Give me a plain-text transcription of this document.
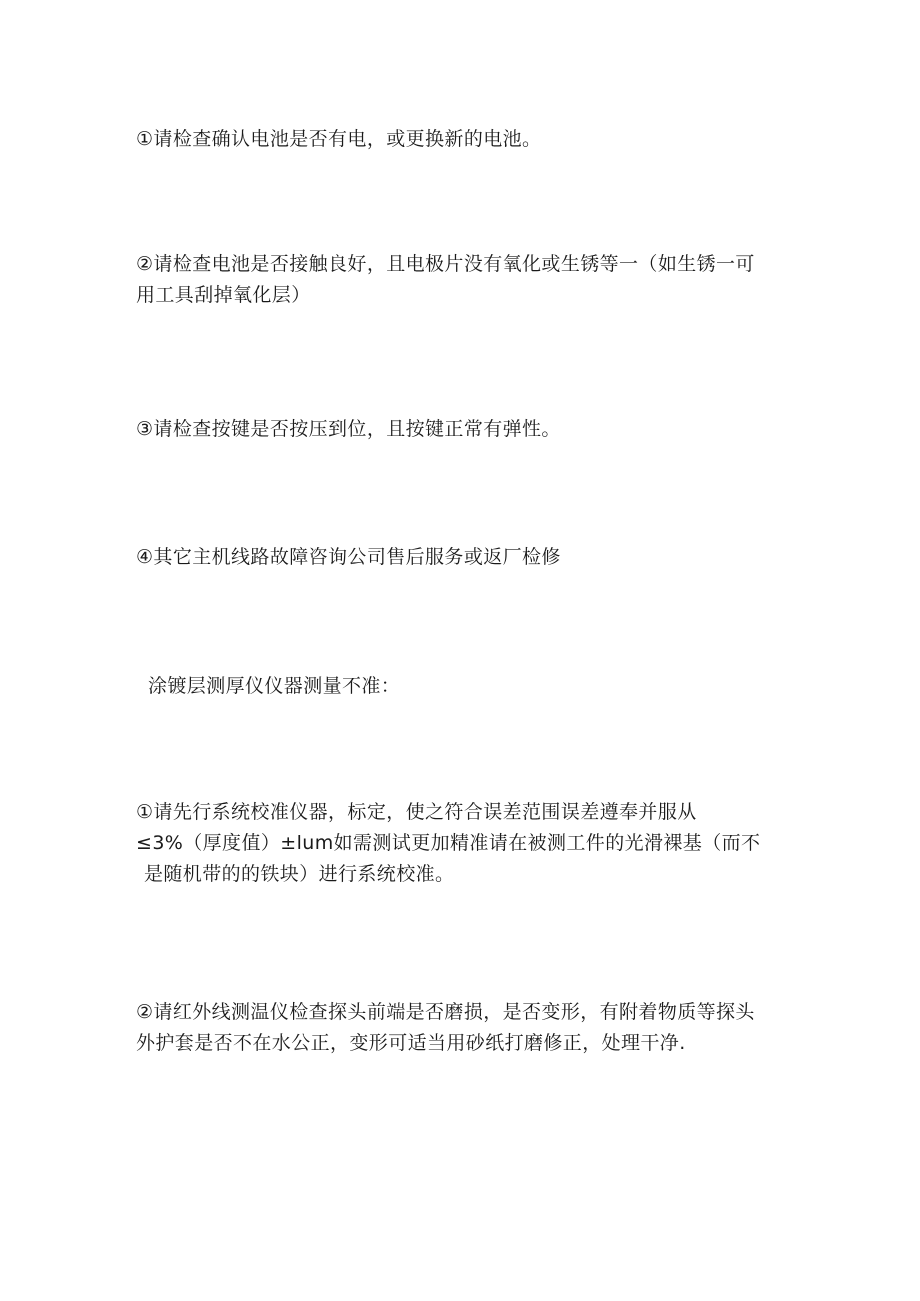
①请检查确认电池是否有电，或更换新的电池。
②请检查电池是否接触良好，且电极片没有氧化或生锈等一（如生锈一可
用工具刮掉氧化层）
③请检查按键是否按压到位，且按键正常有弹性。
④其它主机线路故障咨询公司售后服务或返厂检修
涂镀层测厚仪仪器测量不准：
①请先行系统校准仪器，标定，使之符合误差范围误差遵奉并服从
≤3%（厚度值）±lum如需测试更加精准请在被测工件的光滑裸基（而不
是随机带的的铁块）进行系统校准。
②请红外线测温仪检查探头前端是否磨损，是否变形，有附着物质等探头
外护套是否不在水公正，变形可适当用砂纸打磨修正，处理干净.
